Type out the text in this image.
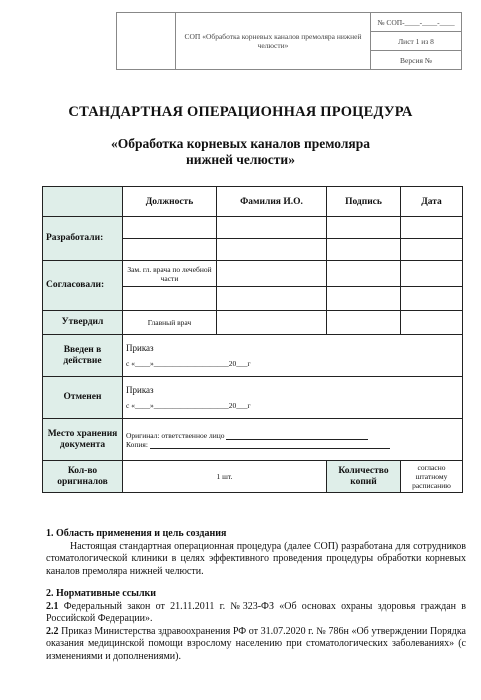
	СОП «Обработка корневых каналов премоляра нижней челюсти»	№ СОП-____-____-____
Лист 1 из 8
Версия №
СТАНДАРТНАЯ ОПЕРАЦИОННАЯ ПРОЦЕДУРА
«Обработка корневых каналов премоляра
нижней челюсти»
	Должность	Фамилия И.О.	Подпись	Дата
Разработали:				

Согласовали:	Зам. гл. врача по лечебной части			

Утвердил	Главный врач			
Введен в действие	Приказ
с «____»____________________20___г			

Отменен	Приказ
с «____»____________________20___г			

Место хранения документа	Оригинал: ответственное лицо
Копия:			

Кол-во оригиналов	1 шт.		Количество копий	согласно штатному расписанию

1. Область применения и цель создания

Настоящая стандартная операционная процедура (далее СОП) разработана для сотрудников стоматологической клиники в целях эффективного проведения процедуры обработки корневых каналов премоляра нижней челюсти.

2. Нормативные ссылки

2.1 Федеральный закон от 21.11.2011 г. №323-ФЗ «Об основах охраны здоровья граждан в Российской Федерации».

2.2 Приказ Министерства здравоохранения РФ от 31.07.2020 г. № 786н «Об утверждении Порядка оказания медицинской помощи взрослому населению при стоматологических заболеваниях» (с изменениями и дополнениями).
